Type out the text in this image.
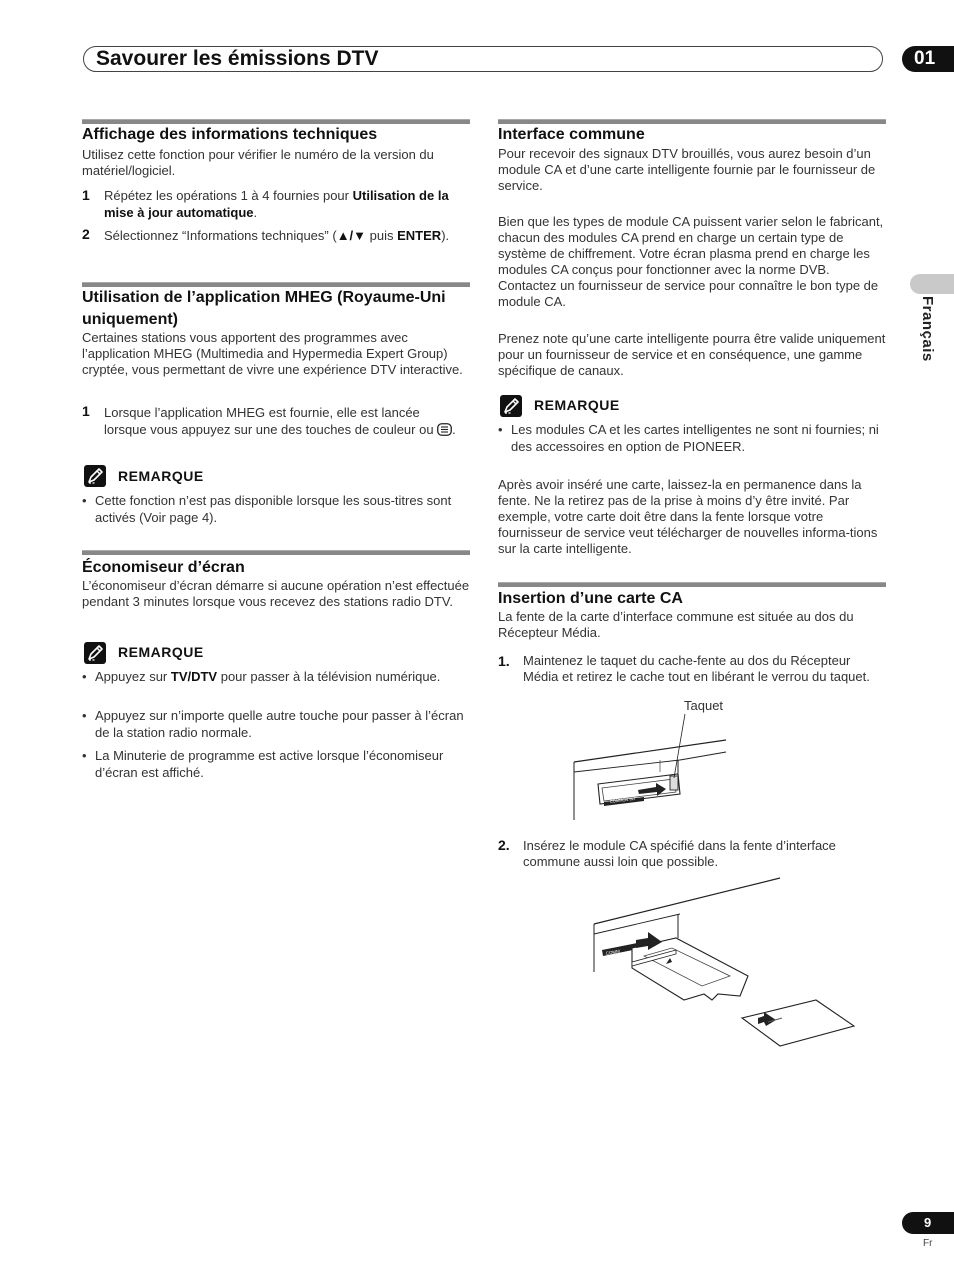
Savourer les émissions DTV	01
Français
Affichage des informations techniques
Utilisez cette fonction pour vérifier le numéro de la version du matériel/logiciel.
1 Répétez les opérations 1 à 4 fournies pour Utilisation de la mise à jour automatique.
2 Sélectionnez “Informations techniques” (▲/▼ puis ENTER).
Utilisation de l’application MHEG (Royaume-Uni uniquement)
Certaines stations vous apportent des programmes avec l’application MHEG (Multimedia and Hypermedia Expert Group) cryptée, vous permettant de vivre une expérience DTV interactive.
1 Lorsque l’application MHEG est fournie, elle est lancée lorsque vous appuyez sur une des touches de couleur ou .
REMARQUE
• Cette fonction n’est pas disponible lorsque les sous-titres sont activés (Voir page 4).
Économiseur d’écran
L’économiseur d’écran démarre si aucune opération n’est effectuée pendant 3 minutes lorsque vous recevez des stations radio DTV.
REMARQUE
• Appuyez sur TV/DTV pour passer à la télévision numérique.
• Appuyez sur n’importe quelle autre touche pour passer à l’écran de la station radio normale.
• La Minuterie de programme est active lorsque l’économiseur d’écran est affiché.
Interface commune
Pour recevoir des signaux DTV brouillés, vous aurez besoin d’un module CA et d’une carte intelligente fournie par le fournisseur de service.
Bien que les types de module CA puissent varier selon le fabricant, chacun des modules CA prend en charge un certain type de système de chiffrement. Votre écran plasma prend en charge les modules CA conçus pour fonctionner avec la norme DVB. Contactez un fournisseur de service pour connaître le bon type de module CA.
Prenez note qu’une carte intelligente pourra être valide uniquement pour un fournisseur de service et en conséquence, une gamme spécifique de canaux.
REMARQUE
• Les modules CA et les cartes intelligentes ne sont ni fournies; ni des accessoires en option de PIONEER.
Après avoir inséré une carte, laissez-la en permanence dans la fente. Ne la retirez pas de la prise à moins d’y être invité. Par exemple, votre carte doit être dans la fente lorsque votre fournisseur de service veut télécharger de nouvelles informa-tions sur la carte intelligente.
Insertion d’une carte CA
La fente de la carte d’interface commune est située au dos du Récepteur Média.
1. Maintenez le taquet du cache-fente au dos du Récepteur Média et retirez le cache tout en libérant le verrou du taquet.
Taquet
COMMON INT
2. Insérez le module CA spécifié dans la fente d’interface commune aussi loin que possible.
COMM
9
Fr
